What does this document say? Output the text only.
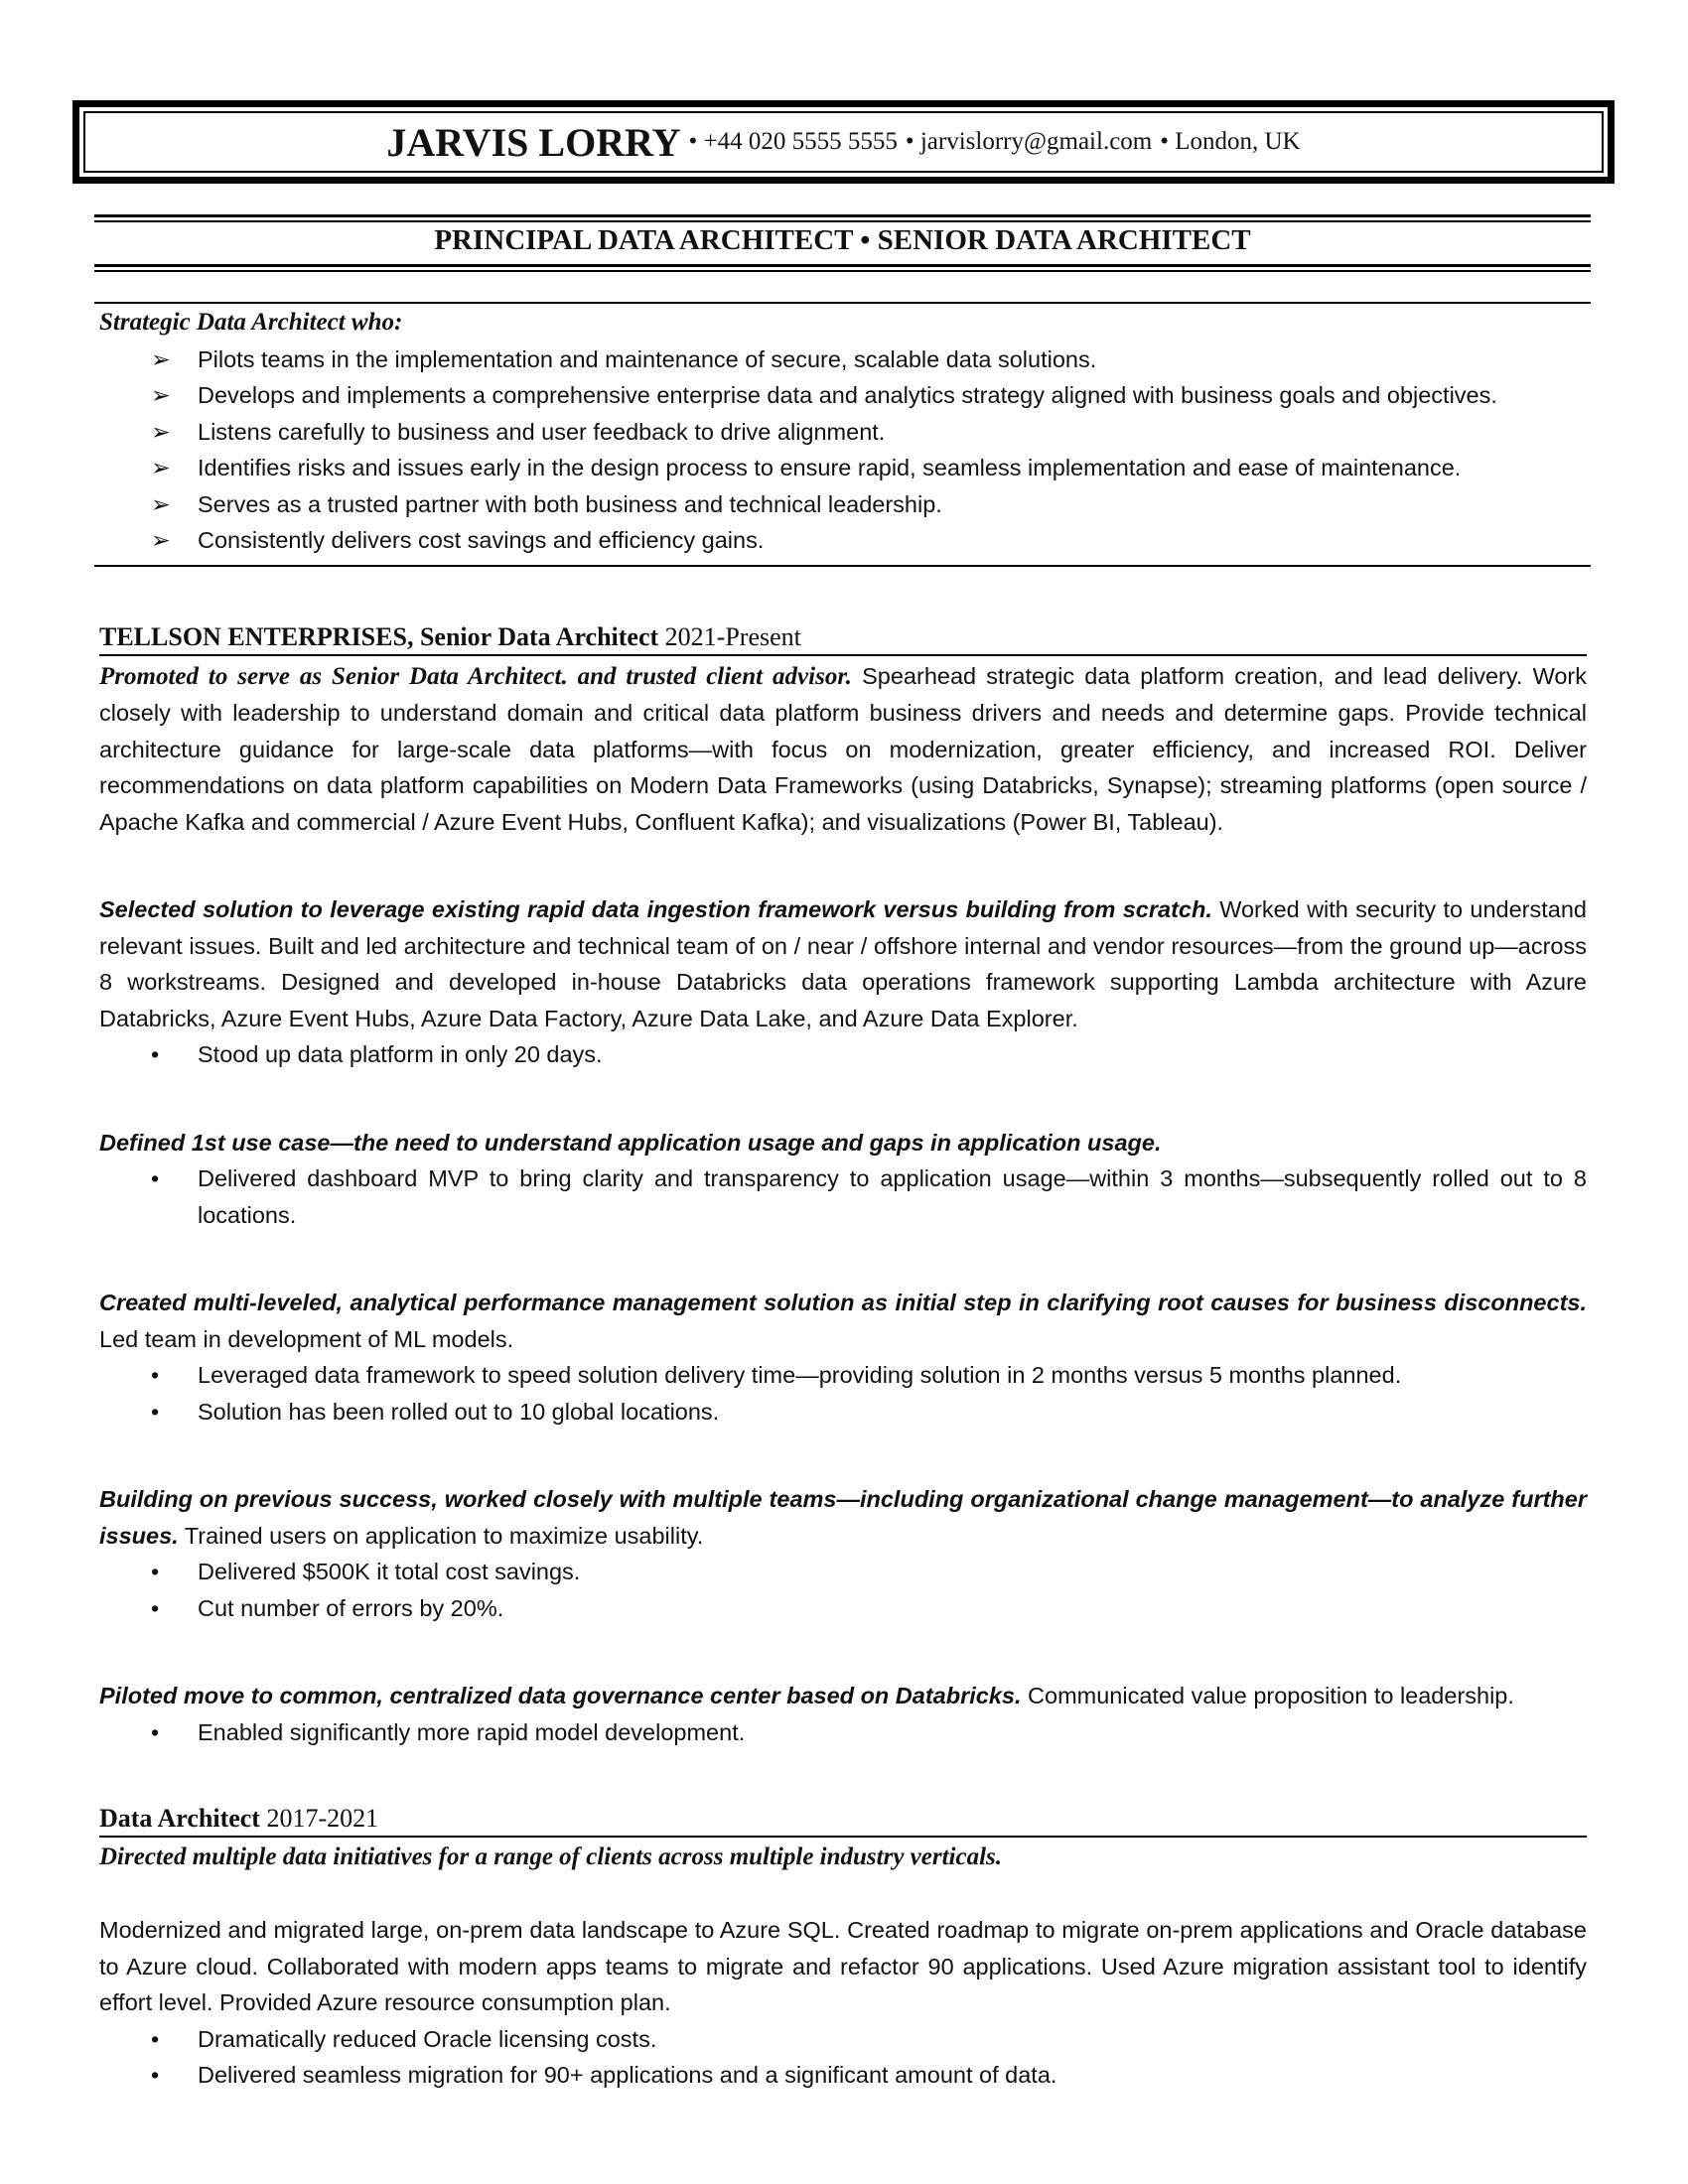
JARVIS LORRY • +44 020 5555 5555 • jarvislorry@gmail.com • London, UK
PRINCIPAL DATA ARCHITECT • SENIOR DATA ARCHITECT
Strategic Data Architect who:
➢ Pilots teams in the implementation and maintenance of secure, scalable data solutions.
➢ Develops and implements a comprehensive enterprise data and analytics strategy aligned with business goals and objectives.
➢ Listens carefully to business and user feedback to drive alignment.
➢ Identifies risks and issues early in the design process to ensure rapid, seamless implementation and ease of maintenance.
➢ Serves as a trusted partner with both business and technical leadership.
➢ Consistently delivers cost savings and efficiency gains.
TELLSON ENTERPRISES, Senior Data Architect 2021-Present

Promoted to serve as Senior Data Architect. and trusted client advisor. Spearhead strategic data platform creation, and lead delivery. Work closely with leadership to understand domain and critical data platform business drivers and needs and determine gaps. Provide technical architecture guidance for large-scale data platforms—with focus on modernization, greater efficiency, and increased ROI. Deliver recommendations on data platform capabilities on Modern Data Frameworks (using Databricks, Synapse); streaming platforms (open source / Apache Kafka and commercial / Azure Event Hubs, Confluent Kafka); and visualizations (Power BI, Tableau).

Selected solution to leverage existing rapid data ingestion framework versus building from scratch. Worked with security to understand relevant issues. Built and led architecture and technical team of on / near / offshore internal and vendor resources—from the ground up—across 8 workstreams. Designed and developed in-house Databricks data operations framework supporting Lambda architecture with Azure Databricks, Azure Event Hubs, Azure Data Factory, Azure Data Lake, and Azure Data Explorer.

• Stood up data platform in only 20 days.

Defined 1st use case—the need to understand application usage and gaps in application usage.

• Delivered dashboard MVP to bring clarity and transparency to application usage—within 3 months—subsequently rolled out to 8 locations.

Created multi-leveled, analytical performance management solution as initial step in clarifying root causes for business disconnects. Led team in development of ML models.

• Leveraged data framework to speed solution delivery time—providing solution in 2 months versus 5 months planned.
• Solution has been rolled out to 10 global locations.

Building on previous success, worked closely with multiple teams—including organizational change management—to analyze further issues. Trained users on application to maximize usability.

• Delivered $500K it total cost savings.
• Cut number of errors by 20%.

Piloted move to common, centralized data governance center based on Databricks. Communicated value proposition to leadership.

• Enabled significantly more rapid model development.
Data Architect 2017-2021
Directed multiple data initiatives for a range of clients across multiple industry verticals.

Modernized and migrated large, on-prem data landscape to Azure SQL. Created roadmap to migrate on-prem applications and Oracle database to Azure cloud. Collaborated with modern apps teams to migrate and refactor 90 applications. Used Azure migration assistant tool to identify effort level. Provided Azure resource consumption plan.

• Dramatically reduced Oracle licensing costs.
• Delivered seamless migration for 90+ applications and a significant amount of data.
